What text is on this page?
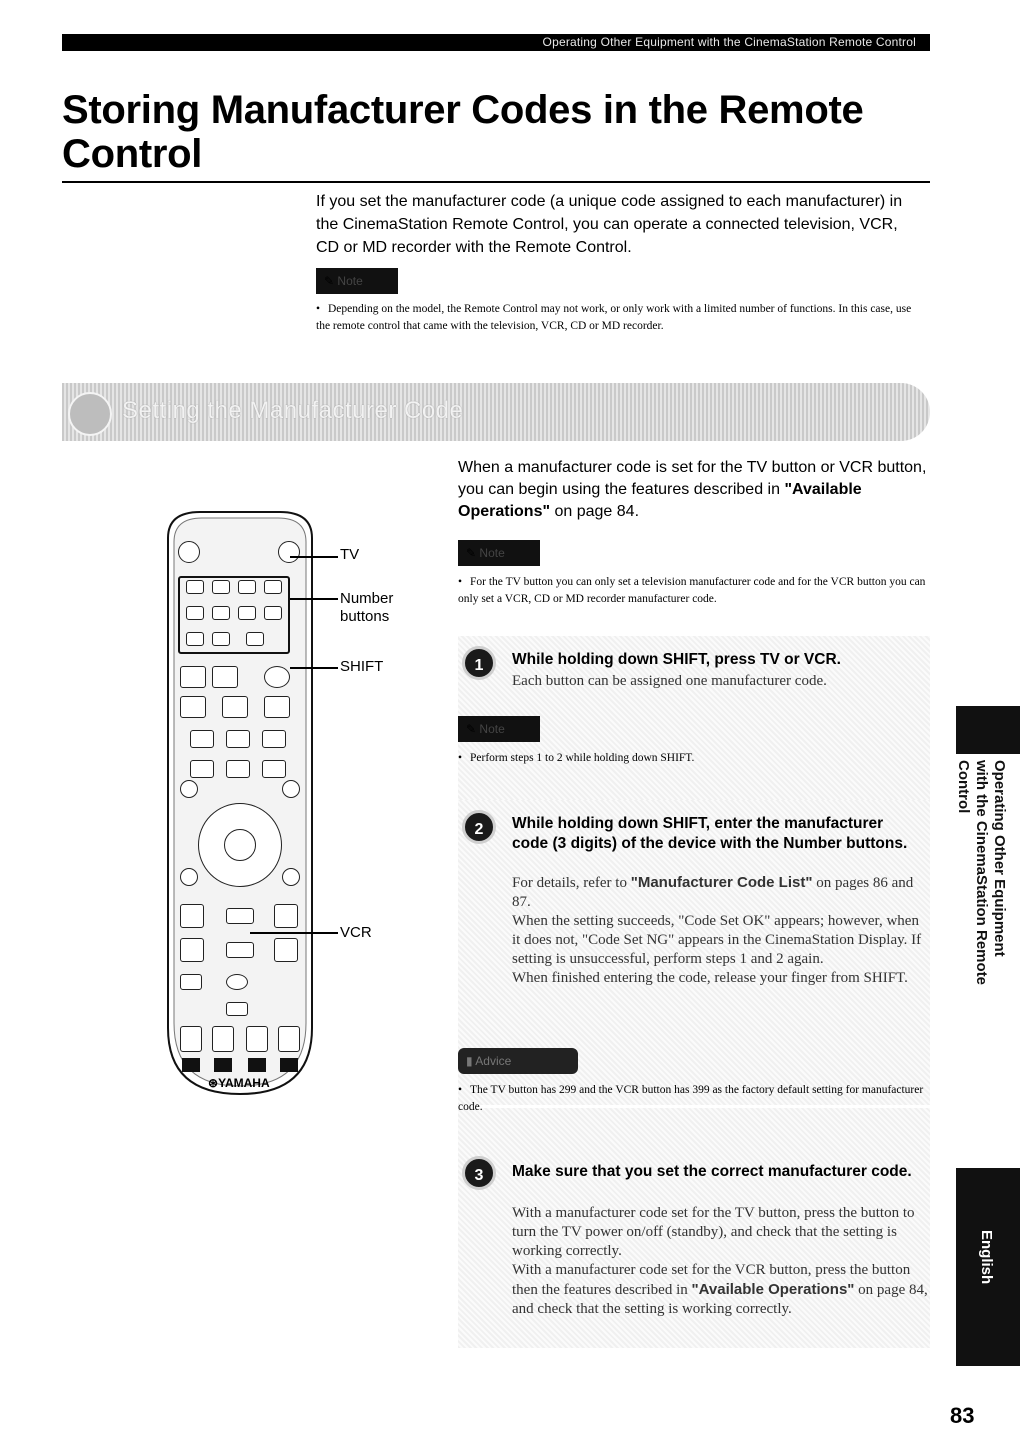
Operating Other Equipment with the CinemaStation Remote Control
Storing Manufacturer Codes in the Remote
Control

If you set the manufacturer code (a unique code assigned to each manufacturer) in the CinemaStation Remote Control, you can operate a connected television, VCR, CD or MD recorder with the Remote Control.

✎ Note

• Depending on the model, the Remote Control may not work, or only work with a limited number of functions. In this case, use the remote control that came with the television, VCR, CD or MD recorder.

Setting the Manufacturer Code
⊛YAMAHA
TV
Number
buttons
SHIFT
VCR

When a manufacturer code is set for the TV button or VCR button, you can begin using the features described in "Available Operations" on page 84.

✎ Note

• For the TV button you can only set a television manufacturer code and for the VCR button you can only set a VCR, CD or MD recorder manufacturer code.

1	While holding down SHIFT, press TV or VCR.

Each button can be assigned one manufacturer code.

✎ Note

• Perform steps 1 to 2 while holding down SHIFT.

2	While holding down SHIFT, enter the manufacturer code (3 digits) of the device with the Number buttons.

For details, refer to "Manufacturer Code List" on pages 86 and 87.

When the setting succeeds, "Code Set OK" appears; however, when it does not, "Code Set NG" appears in the CinemaStation Display. If setting is unsuccessful, perform steps 1 and 2 again.

When finished entering the code, release your finger from SHIFT.

▮ Advice

• The TV button has 299 and the VCR button has 399 as the factory default setting for manufacturer code.

3	Make sure that you set the correct manufacturer code.

With a manufacturer code set for the TV button, press the button to turn the TV power on/off (standby), and check that the setting is working correctly.

With a manufacturer code set for the VCR button, press the button then the features described in "Available Operations" on page 84, and check that the setting is working correctly.

Operating Other Equipment
with the CinemaStation Remote Control
English
83
